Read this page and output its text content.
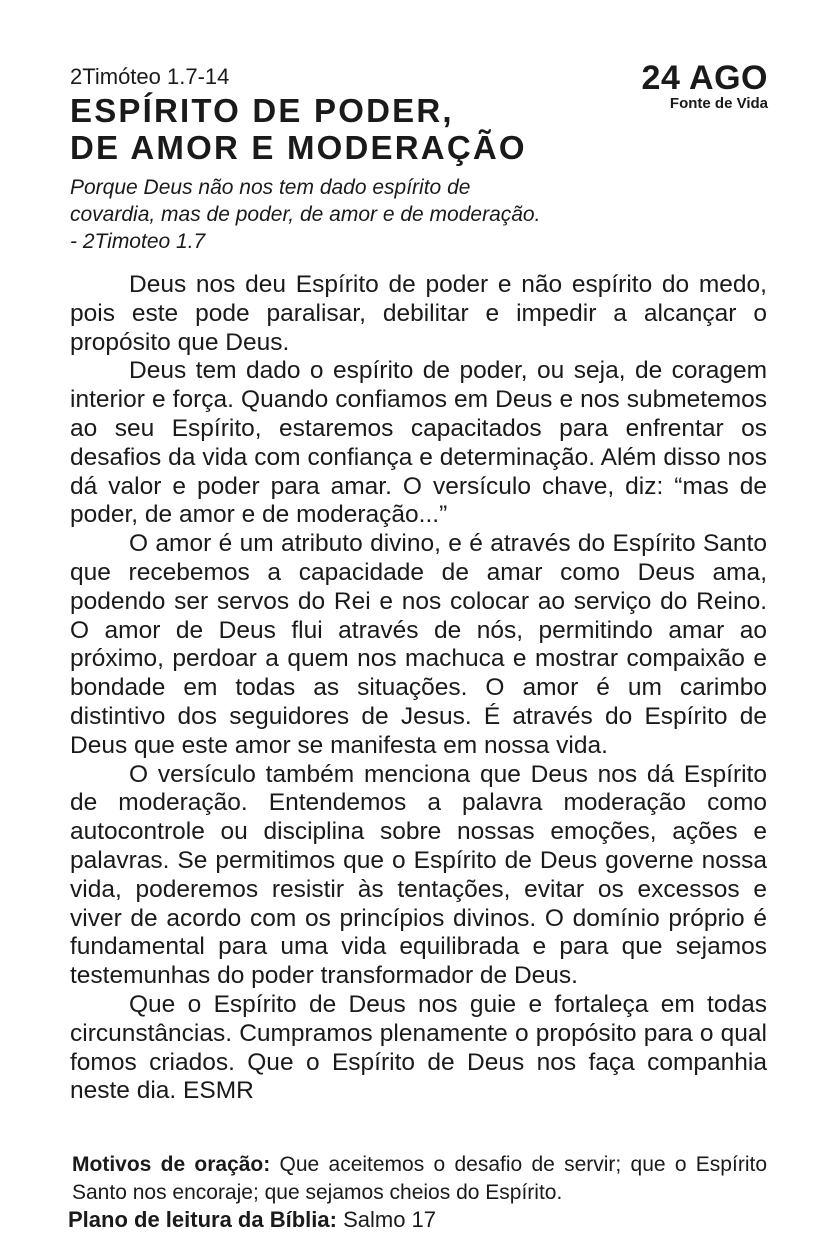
2Timóteo 1.7-14	24 AGO
Fonte de Vida
ESPÍRITO DE PODER,
DE AMOR E MODERAÇÃO
Porque Deus não nos tem dado espírito de
covardia, mas de poder, de amor e de moderação.
- 2Timoteo 1.7

Deus nos deu Espírito de poder e não espírito do medo, pois este pode paralisar, debilitar e impedir a alcançar o propósito que Deus.

Deus tem dado o espírito de poder, ou seja, de coragem interior e força. Quando confiamos em Deus e nos submetemos ao seu Espírito, estaremos capacitados para enfrentar os desafios da vida com confiança e determinação. Além disso nos dá valor e poder para amar. O versículo chave, diz: “mas de poder, de amor e de moderação...”

O amor é um atributo divino, e é através do Espírito Santo que recebemos a capacidade de amar como Deus ama, podendo ser servos do Rei e nos colocar ao serviço do Reino. O amor de Deus flui através de nós, permitindo amar ao próximo, perdoar a quem nos machuca e mostrar compaixão e bondade em todas as situações. O amor é um carimbo distintivo dos seguidores de Jesus. É através do Espírito de Deus que este amor se manifesta em nossa vida.

O versículo também menciona que Deus nos dá Espírito de moderação. Entendemos a palavra moderação como autocontrole ou disciplina sobre nossas emoções, ações e palavras. Se permitimos que o Espírito de Deus governe nossa vida, poderemos resistir às tentações, evitar os excessos e viver de acordo com os princípios divinos. O domínio próprio é fundamental para uma vida equilibrada e para que sejamos testemunhas do poder transformador de Deus.

Que o Espírito de Deus nos guie e fortaleça em todas circunstâncias. Cumpramos plenamente o propósito para o qual fomos criados. Que o Espírito de Deus nos faça companhia neste dia. ESMR

Motivos de oração: Que aceitemos o desafio de servir; que o Espírito Santo nos encoraje; que sejamos cheios do Espírito.
Plano de leitura da Bíblia: Salmo 17
